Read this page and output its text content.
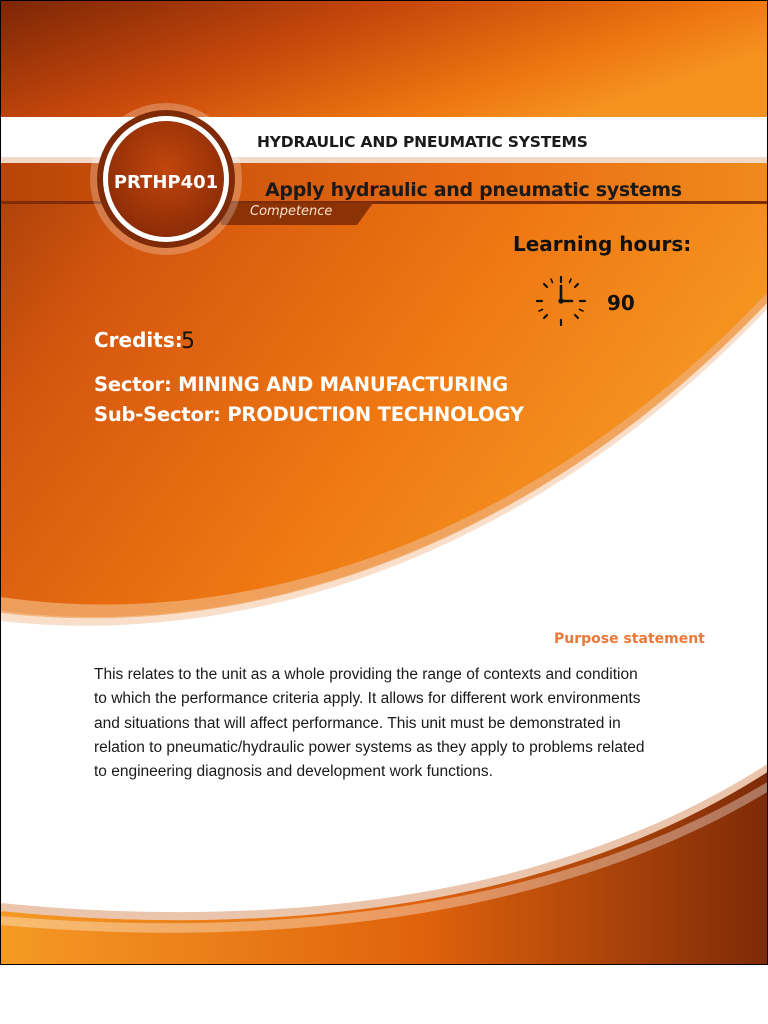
PRTHP401
HYDRAULIC AND PNEUMATIC SYSTEMS
Apply hydraulic and pneumatic systems
Competence
Learning hours:
90
Credits:
5
Sector: MINING AND MANUFACTURING
Sub-Sector: PRODUCTION TECHNOLOGY
Purpose statement
This relates to the unit as a whole providing the range of contexts and condition
to which the performance criteria apply. It allows for different work environments
and situations that will affect performance. This unit must be demonstrated in
relation to pneumatic/hydraulic power systems as they apply to problems related
to engineering diagnosis and development work functions.
